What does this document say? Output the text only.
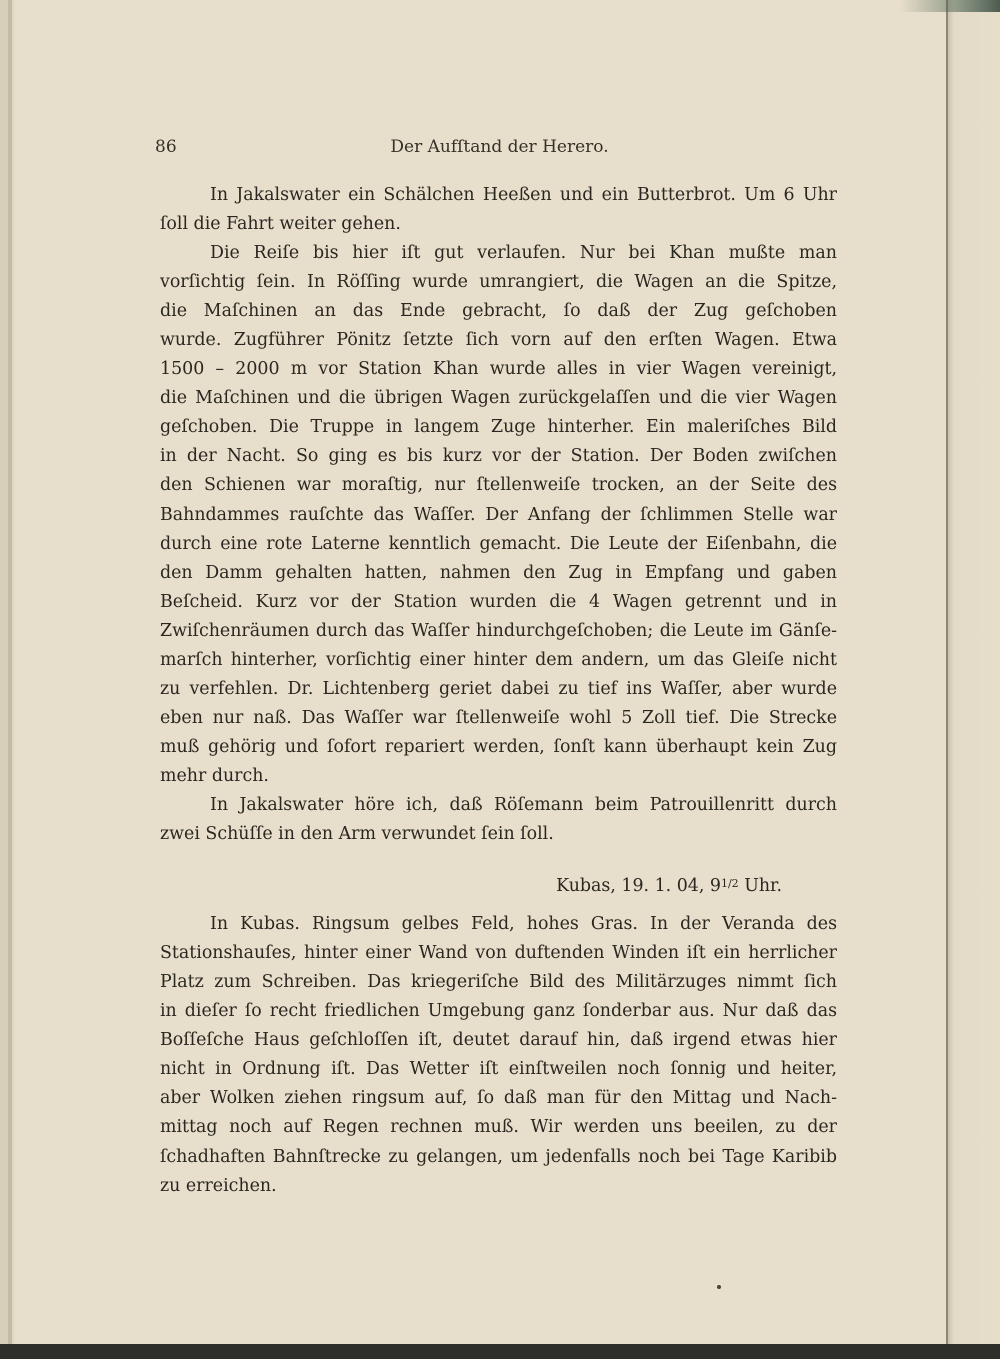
86	Der Aufſtand der Herero.

In Jakalswater ein Schälchen Heeßen und ein Butterbrot. Um 6 Uhr
ſoll die Fahrt weiter gehen.

Die Reiſe bis hier iſt gut verlaufen. Nur bei Khan mußte man
vorſichtig ſein. In Röſſing wurde umrangiert, die Wagen an die Spitze,
die Maſchinen an das Ende gebracht, ſo daß der Zug geſchoben
wurde. Zugführer Pönitz ſetzte ſich vorn auf den erſten Wagen. Etwa
1500 – 2000 m vor Station Khan wurde alles in vier Wagen vereinigt,
die Maſchinen und die übrigen Wagen zurückgelaſſen und die vier Wagen
geſchoben. Die Truppe in langem Zuge hinterher. Ein maleriſches Bild
in der Nacht. So ging es bis kurz vor der Station. Der Boden zwiſchen
den Schienen war moraſtig, nur ſtellenweiſe trocken, an der Seite des
Bahndammes rauſchte das Waſſer. Der Anfang der ſchlimmen Stelle war
durch eine rote Laterne kenntlich gemacht. Die Leute der Eiſenbahn, die
den Damm gehalten hatten, nahmen den Zug in Empfang und gaben
Beſcheid. Kurz vor der Station wurden die 4 Wagen getrennt und in
Zwiſchenräumen durch das Waſſer hindurchgeſchoben; die Leute im Gänſe-
marſch hinterher, vorſichtig einer hinter dem andern, um das Gleiſe nicht
zu verfehlen. Dr. Lichtenberg geriet dabei zu tief ins Waſſer, aber wurde
eben nur naß. Das Waſſer war ſtellenweiſe wohl 5 Zoll tief. Die Strecke
muß gehörig und ſofort repariert werden, ſonſt kann überhaupt kein Zug
mehr durch.

In Jakalswater höre ich, daß Röſemann beim Patrouillenritt durch
zwei Schüſſe in den Arm verwundet ſein ſoll.

Kubas, 19. 1. 04, $9^{1/2}$ Uhr.

In Kubas. Ringsum gelbes Feld, hohes Gras. In der Veranda des
Stationshauſes, hinter einer Wand von duftenden Winden iſt ein herrlicher
Platz zum Schreiben. Das kriegeriſche Bild des Militärzuges nimmt ſich
in dieſer ſo recht friedlichen Umgebung ganz ſonderbar aus. Nur daß das
Boſſeſche Haus geſchloſſen iſt, deutet darauf hin, daß irgend etwas hier
nicht in Ordnung iſt. Das Wetter iſt einſtweilen noch ſonnig und heiter,
aber Wolken ziehen ringsum auf, ſo daß man für den Mittag und Nach-
mittag noch auf Regen rechnen muß. Wir werden uns beeilen, zu der
ſchadhaften Bahnſtrecke zu gelangen, um jedenfalls noch bei Tage Karibib
zu erreichen.
